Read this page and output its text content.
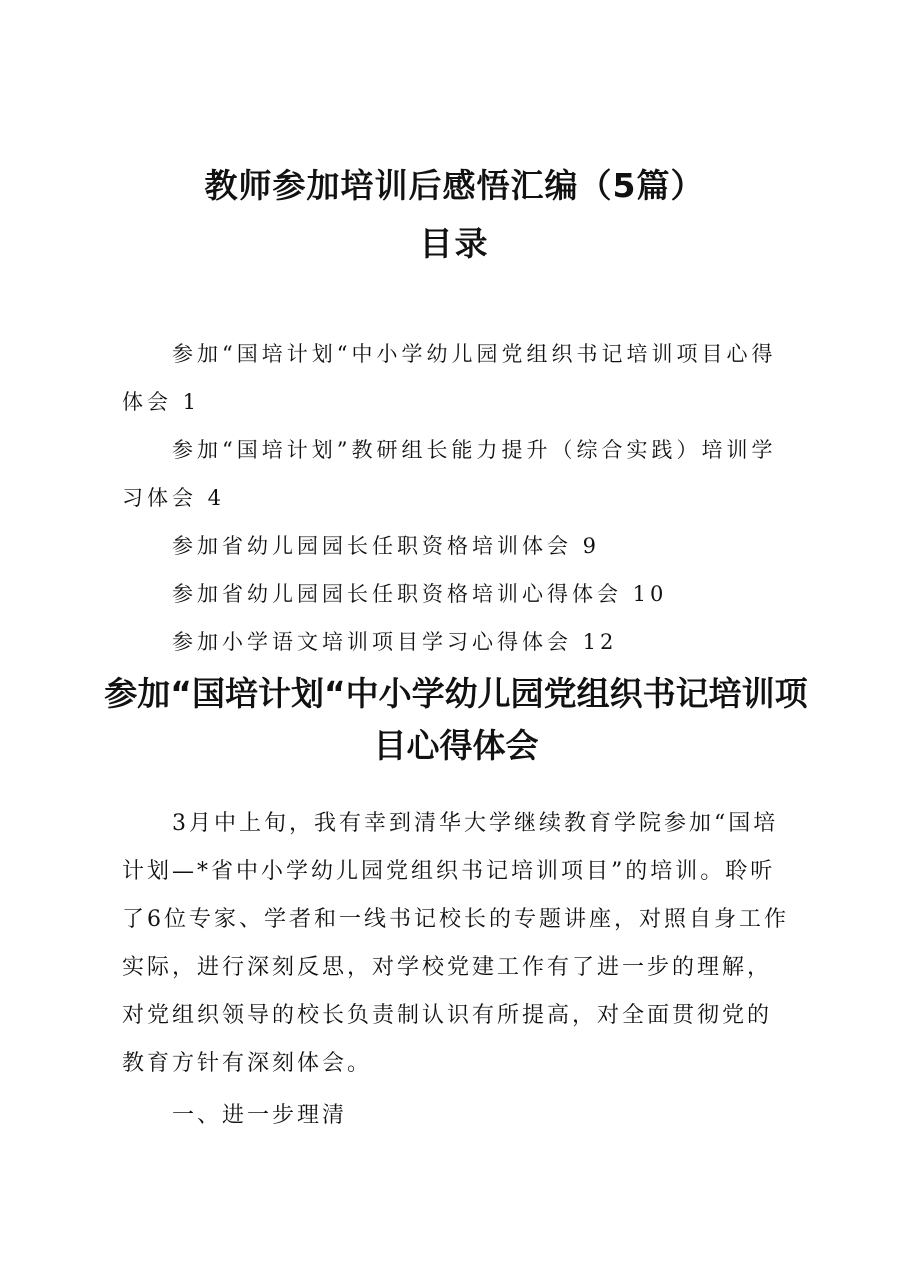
教师参加培训后感悟汇编（5篇）
目录
参加“国培计划“中小学幼儿园党组织书记培训项目心得体会 1
参加“国培计划”教研组长能力提升（综合实践）培训学习体会 4
参加省幼儿园园长任职资格培训体会 9
参加省幼儿园园长任职资格培训心得体会 10
参加小学语文培训项目学习心得体会 12
参加“国培计划“中小学幼儿园党组织书记培训项目心得体会

3月中上旬，我有幸到清华大学继续教育学院参加“国培计划—*省中小学幼儿园党组织书记培训项目”的培训。聆听了6位专家、学者和一线书记校长的专题讲座，对照自身工作实际，进行深刻反思，对学校党建工作有了进一步的理解，对党组织领导的校长负责制认识有所提高，对全面贯彻党的教育方针有深刻体会。

一、进一步理清
